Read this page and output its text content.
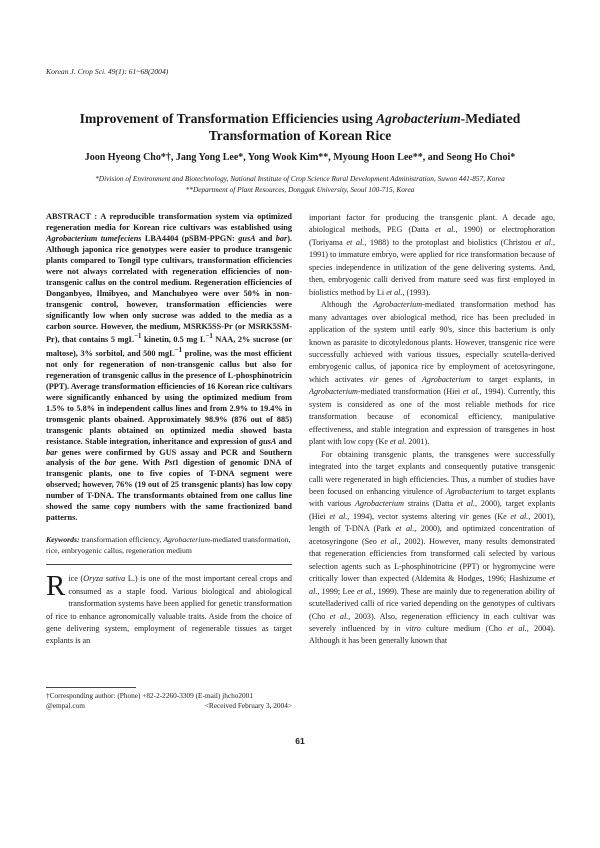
Korean J. Crop Sci. 49(1): 61~68(2004)
Improvement of Transformation Efficiencies using Agrobacterium-Mediated Transformation of Korean Rice
Joon Hyeong Cho*†, Jang Yong Lee*, Yong Wook Kim**, Myoung Hoon Lee**, and Seong Ho Choi*
*Division of Environment and Biotechnology, National Institute of Crop Science Rural Development Administration, Suwon 441-857, Korea
**Department of Plant Resources, Dongguk University, Seoul 100-715, Korea

ABSTRACT : A reproducible transformation system via optimized regeneration media for Korean rice cultivars was established using Agrobacterium tumefeciens LBA4404 (pSBM-PPGN: gusA and bar). Although japonica rice genotypes were easier to produce transgenic plants compared to Tongil type cultivars, transformation efficiencies were not always correlated with regeneration efficiencies of non-transgenic callus on the control medium. Regeneration efficiencies of Donganbyeo, Ilmibyeo, and Manchubyeo were over 50% in non-transgenic control, however, transformation efficiencies were significantly low when only sucrose was added to the media as a carbon source. However, the medium, MSRK5SS-Pr (or MSRK5SM-Pr), that contains 5 mgL$^{-1}$ kinetin, 0.5 mg $L^{-1}$ NAA, 2% sucrose (or maltose), 3% sorbitol, and 500 mgL$^{-1}$ proline, was the most efficient not only for regeneration of non-transgenic callus but also for regeneration of transgenic callus in the presence of L-phosphinotricin (PPT). Average transformation efficiencies of 16 Korean rice cultivars were significantly enhanced by using the optimized medium from 1.5% to 5.8% in independent callus lines and from 2.9% to 19.4% in tromsgenic plants obained. Approximately 98.9% (876 out of 885) transgenic plants obtained on optimized media showed basta resistance. Stable integration, inheritance and expression of gusA and bar genes were confirmed by GUS assay and PCR and Southern analysis of the bar gene. With Pst1 digestion of genomic DNA of transgenic plants, one to five copies of T-DNA segment were observed; however, 76% (19 out of 25 transgenic plants) has low copy number of T-DNA. The transformants obtained from one callus line showed the same copy numbers with the same fractionized band patterns.

Keywords: transformation efficiency, Agrobacterium-mediated transformation, rice, embryogenic callus, regeneration medium

Rice (Oryza sativa L.) is one of the most important cereal crops and consumed as a staple food. Various biological and abiological transformation systems have been applied for genetic transformation of rice to enhance agronomically valuable traits. Aside from the choice of gene delivering system, employment of regenerable tissues as target explants is an

†Corresponding author: (Phone) +82-2-2260-3309 (E-mail) jhcho2001
@empal.com	<Received February 3, 2004>

important factor for producing the transgenic plant. A decade ago, abiological methods, PEG (Datta et al., 1990) or electrophoration (Toriyama et al., 1988) to the protoplast and biolistics (Christou et al., 1991) to immature embryo, were applied for rice transformation because of species independence in utilization of the gene delivering systems. And, then, embryogenic calli derived from mature seed was first employed in biolistics method by Li et al., (1993).

Although the Agrobacterium-mediated transformation method has many advantages over abiological method, rice has been precluded in application of the system until early 90's, since this bacterium is only known as parasite to dicotyledonous plants. However, transgenic rice were successfully achieved with various tissues, especially scutella-derived embryogenic callus, of japonica rice by employment of acetosyringone, which activates vir genes of Agrobacterium to target explants, in Agrobacterium-mediated transformation (Hiei et al., 1994). Currently, this system is considered as one of the most reliable methods for rice transformation because of economical efficiency, manipulative effectiveness, and stable integration and expression of transgenes in host plant with low copy (Ke et al. 2001).

For obtaining transgenic plants, the transgenes were successfully integrated into the target explants and consequently putative transgenic calli were regenerated in high efficiencies. Thus, a number of studies have been focused on enhancing virulence of Agrobacterium to target explants with various Agrobacterium strains (Datta et al., 2000), target explants (Hiei et al., 1994), vector systems altering vir genes (Ke et al., 2001), length of T-DNA (Park et al., 2000), and optimized concentration of acetosyringone (Seo et al., 2002). However, many results demonstrated that regeneration efficiencies from transformed cali selected by various selection agents such as L-phosphinotricine (PPT) or hygromycine were critically lower than expected (Aldemita & Hodges, 1996; Hashizume et al., 1999; Lee et al., 1999). These are mainly due to regeneration ability of scutelladerived calli of rice varied depending on the genotypes of cultivars (Cho et al., 2003). Also, regeneration efficiency in each cultivar was severely influenced by in vitro culture medium (Cho et al., 2004). Although it has been generally known that

61
